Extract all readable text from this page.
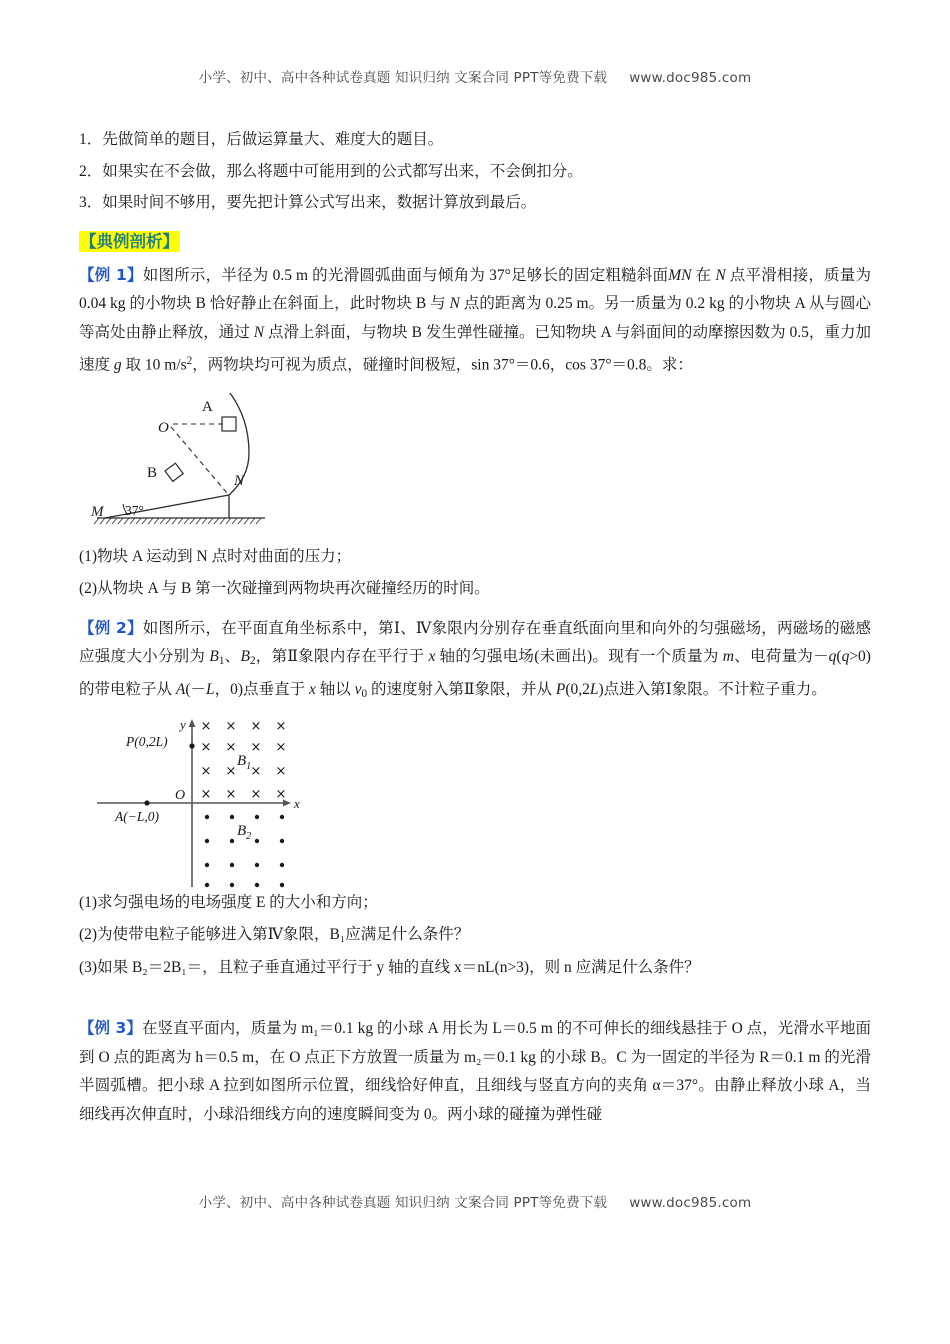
小学、初中、高中各种试卷真题 知识归纳 文案合同 PPT等免费下载 www.doc985.com
1．先做简单的题目，后做运算量大、难度大的题目。
2．如果实在不会做，那么将题中可能用到的公式都写出来，不会倒扣分。
3．如果时间不够用，要先把计算公式写出来，数据计算放到最后。
【典例剖析】

【例 1】如图所示，半径为 0.5 m 的光滑圆弧曲面与倾角为 37°足够长的固定粗糙斜面MN 在 N 点平滑相接，质量为 0.04 kg 的小物块 B 恰好静止在斜面上，此时物块 B 与 N 点的距离为 0.25 m。另一质量为 0.2 kg 的小物块 A 从与圆心等高处由静止释放，通过 N 点滑上斜面，与物块 B 发生弹性碰撞。已知物块 A 与斜面间的动摩擦因数为 0.5，重力加速度 g 取 10 $m/s^2$，两物块均可视为质点，碰撞时间极短，sin 37°＝0.6，cos 37°＝0.8。求：

O
A
B	N
M 37°
(1)物块 A 运动到 N 点时对曲面的压力；
(2)从物块 A 与 B 第一次碰撞到两物块再次碰撞经历的时间。

【例 2】如图所示，在平面直角坐标系中，第Ⅰ、Ⅳ象限内分别存在垂直纸面向里和向外的匀强磁场，两磁场的磁感应强度大小分别为 $B_1$、$B_2$，第Ⅱ象限内存在平行于 x 轴的匀强电场(未画出)。现有一个质量为 m、电荷量为－q(q>0)的带电粒子从 A(－L，0)点垂直于 x 轴以 $v_0$ 的速度射入第Ⅱ象限，并从 P(0,2L)点进入第Ⅰ象限。不计粒子重力。

y
x
O
P(0,2L)
A(−L,0)
× × × ×
× × × ×
× × × ×
× × × ×
$B_1$
$B_2$
(1)求匀强电场的电场强度 E 的大小和方向；
(2)为使带电粒子能够进入第Ⅳ象限，B₁应满足什么条件？
(3)如果 B₂＝2B₁＝，且粒子垂直通过平行于 y 轴的直线 x＝nL(n>3)，则 n 应满足什么条件？

【例 3】在竖直平面内，质量为 m₁＝0.1 kg 的小球 A 用长为 L＝0.5 m 的不可伸长的细线悬挂于 O 点，光滑水平地面到 O 点的距离为 h＝0.5 m，在 O 点正下方放置一质量为 m₂＝0.1 kg 的小球 B。C 为一固定的半径为 R＝0.1 m 的光滑半圆弧槽。把小球 A 拉到如图所示位置，细线恰好伸直，且细线与竖直方向的夹角 α＝37°。由静止释放小球 A，当细线再次伸直时，小球沿细线方向的速度瞬间变为 0。两小球的碰撞为弹性碰

小学、初中、高中各种试卷真题 知识归纳 文案合同 PPT等免费下载 www.doc985.com
